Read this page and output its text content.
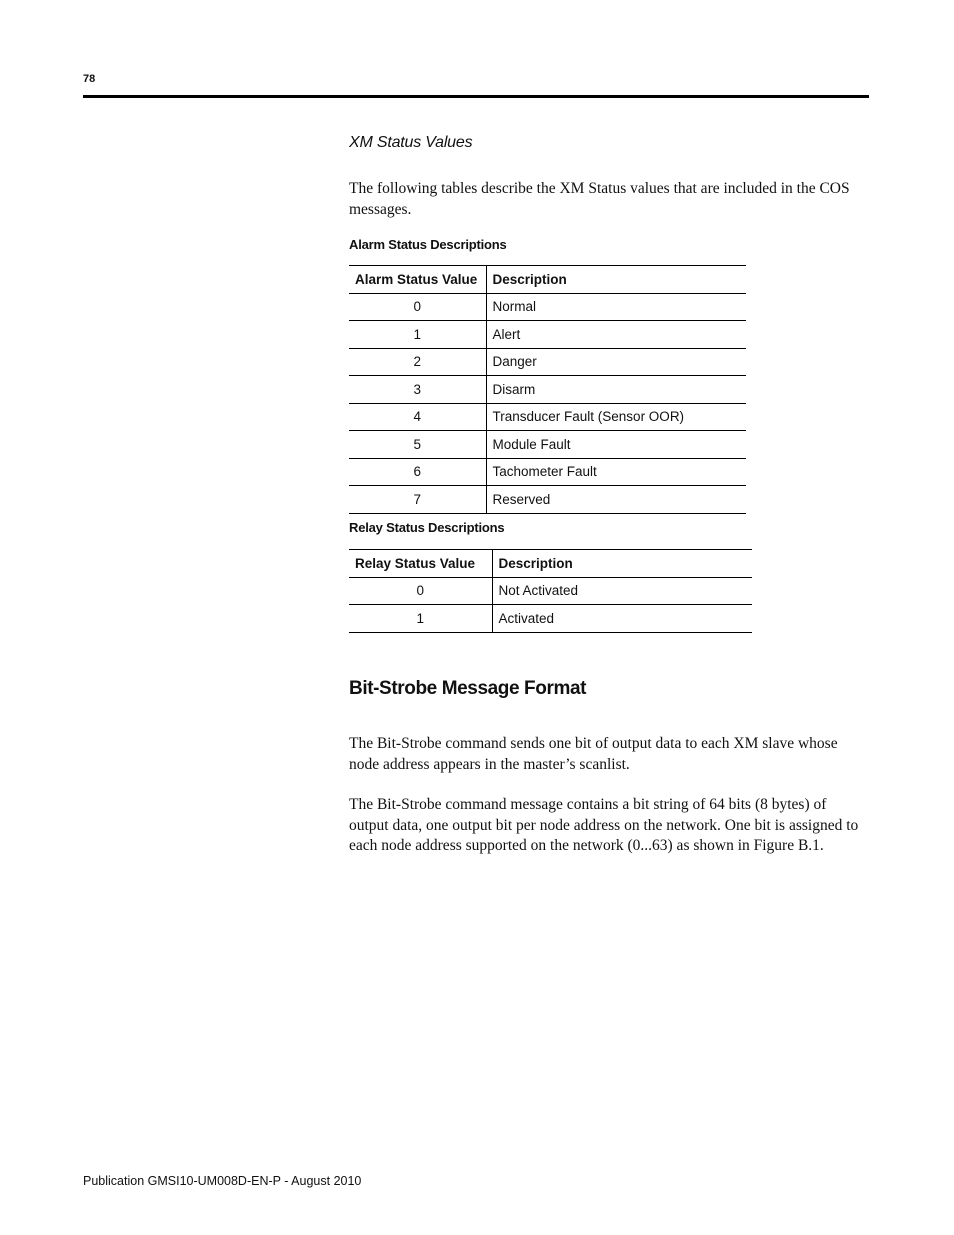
78
XM Status Values
The following tables describe the XM Status values that are included in the COS messages.
Alarm Status Descriptions
Alarm Status Value	Description
0	Normal
1	Alert
2	Danger
3	Disarm
4	Transducer Fault (Sensor OOR)
5	Module Fault
6	Tachometer Fault
7	Reserved
Relay Status Descriptions
Relay Status Value	Description
0	Not Activated
1	Activated
Bit-Strobe Message Format
The Bit-Strobe command sends one bit of output data to each XM slave whose node address appears in the master’s scanlist.
The Bit-Strobe command message contains a bit string of 64 bits (8 bytes) of output data, one output bit per node address on the network. One bit is assigned to each node address supported on the network (0...63) as shown in Figure B.1.
Publication GMSI10-UM008D-EN-P - August 2010
